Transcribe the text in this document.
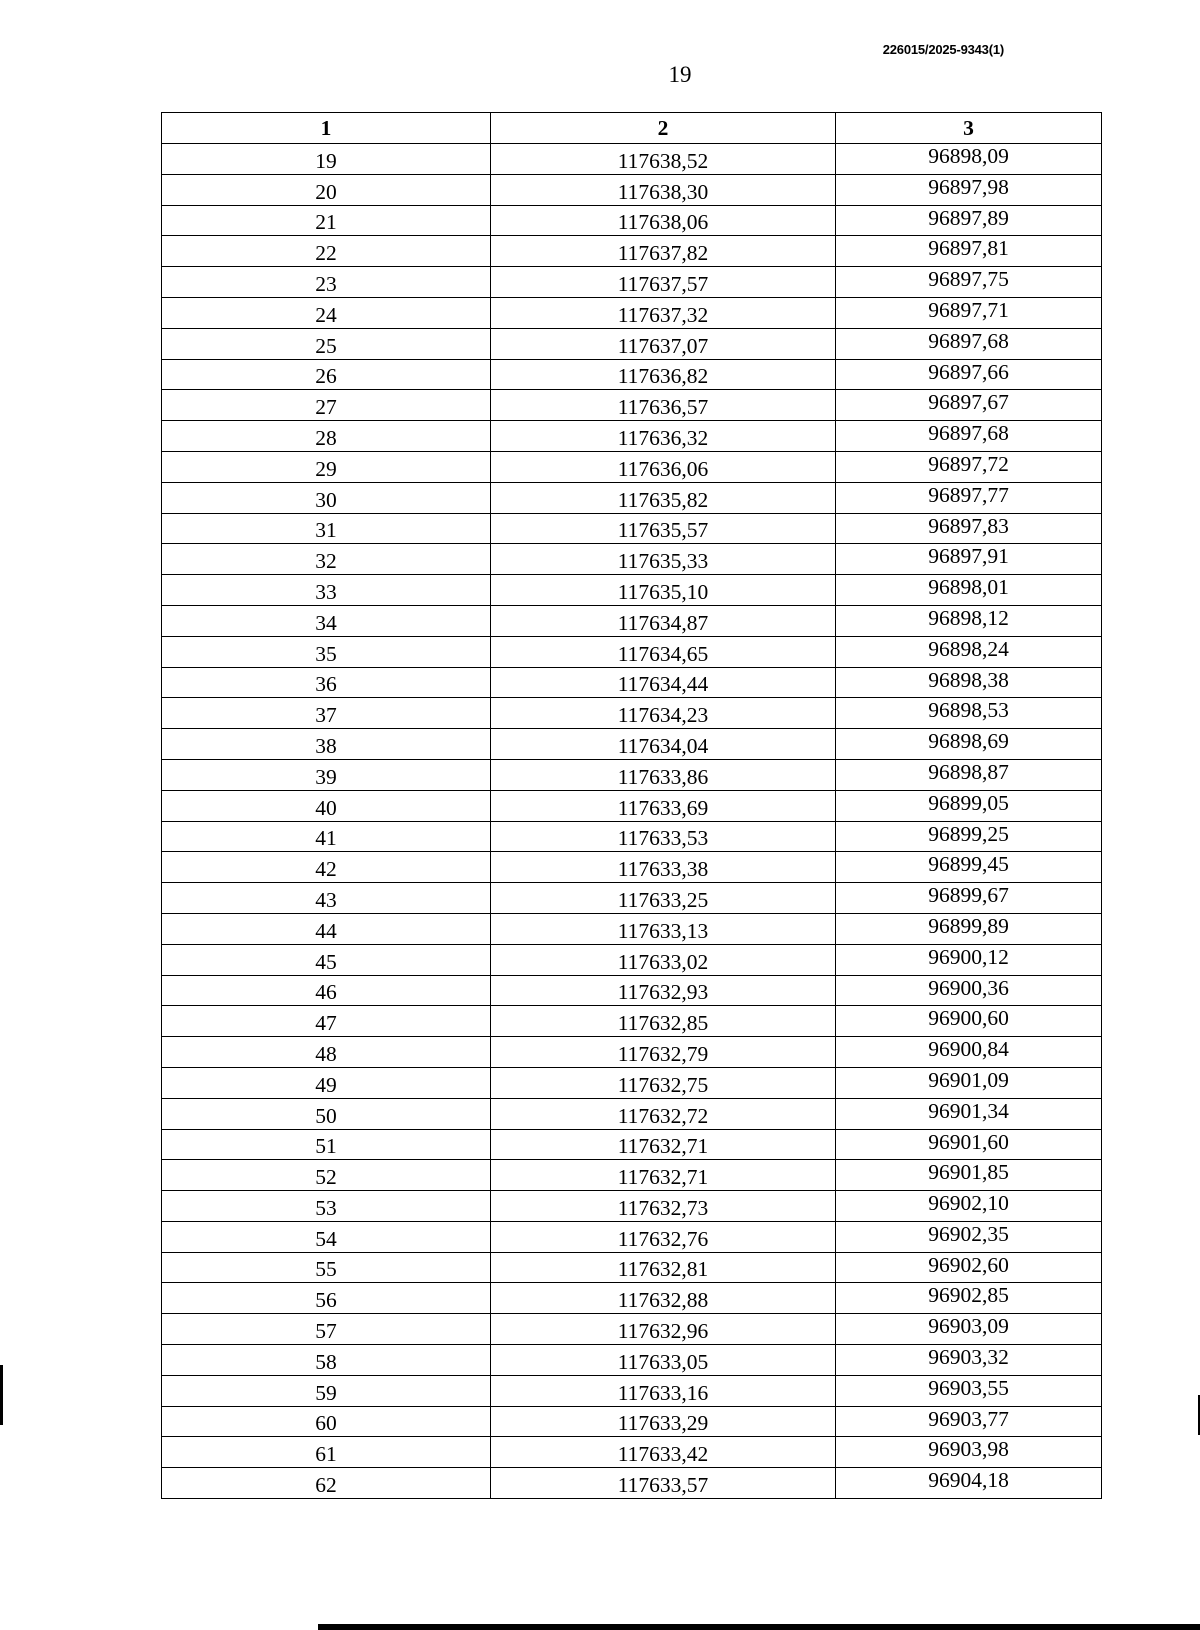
226015/2025-9343(1)
19
1	2	3
19	117638,52	96898,09
20	117638,30	96897,98
21	117638,06	96897,89
22	117637,82	96897,81
23	117637,57	96897,75
24	117637,32	96897,71
25	117637,07	96897,68
26	117636,82	96897,66
27	117636,57	96897,67
28	117636,32	96897,68
29	117636,06	96897,72
30	117635,82	96897,77
31	117635,57	96897,83
32	117635,33	96897,91
33	117635,10	96898,01
34	117634,87	96898,12
35	117634,65	96898,24
36	117634,44	96898,38
37	117634,23	96898,53
38	117634,04	96898,69
39	117633,86	96898,87
40	117633,69	96899,05
41	117633,53	96899,25
42	117633,38	96899,45
43	117633,25	96899,67
44	117633,13	96899,89
45	117633,02	96900,12
46	117632,93	96900,36
47	117632,85	96900,60
48	117632,79	96900,84
49	117632,75	96901,09
50	117632,72	96901,34
51	117632,71	96901,60
52	117632,71	96901,85
53	117632,73	96902,10
54	117632,76	96902,35
55	117632,81	96902,60
56	117632,88	96902,85
57	117632,96	96903,09
58	117633,05	96903,32
59	117633,16	96903,55
60	117633,29	96903,77
61	117633,42	96903,98
62	117633,57	96904,18
